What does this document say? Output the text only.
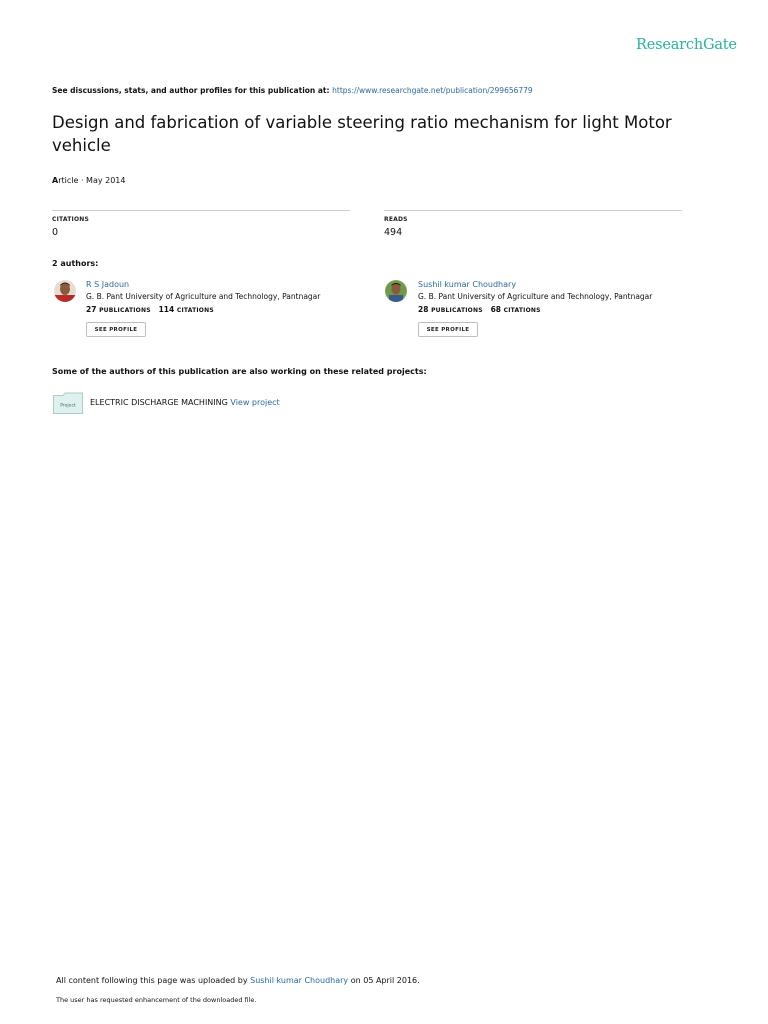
ResearchGate
See discussions, stats, and author profiles for this publication at: https://www.researchgate.net/publication/299656779
Design and fabrication of variable steering ratio mechanism for light Motor vehicle
Article · May 2014
CITATIONS
0
READS
494
2 authors:
R S Jadoun
G. B. Pant University of Agriculture and Technology, Pantnagar
27 PUBLICATIONS 114 CITATIONS
SEE PROFILE
Sushil kumar Choudhary
G. B. Pant University of Agriculture and Technology, Pantnagar
28 PUBLICATIONS 68 CITATIONS
SEE PROFILE
Some of the authors of this publication are also working on these related projects:
Project ELECTRIC DISCHARGE MACHINING View project
All content following this page was uploaded by Sushil kumar Choudhary on 05 April 2016.
The user has requested enhancement of the downloaded file.
